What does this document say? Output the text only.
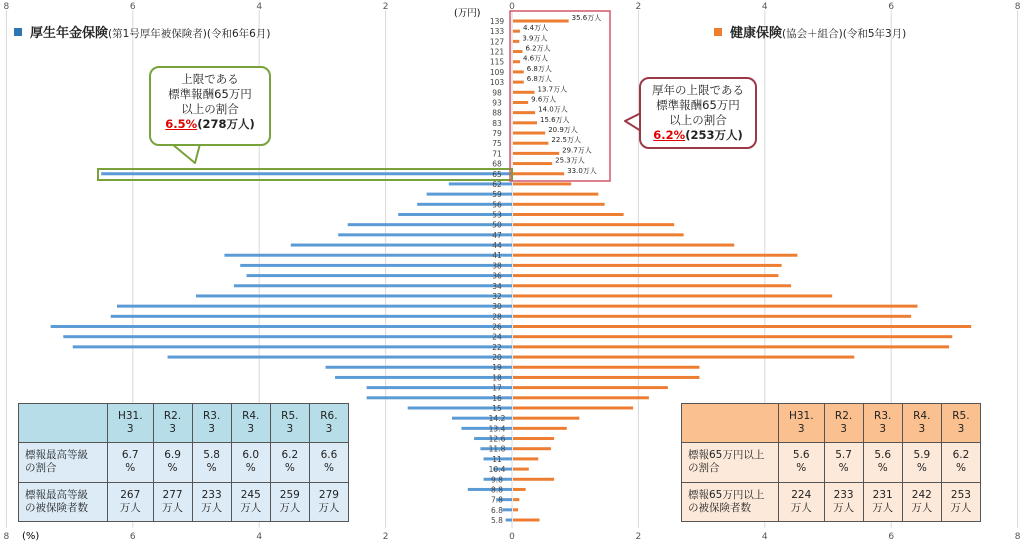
8	6	4	2	0	2	4	6	8
8	6	4	2	0	2	4	6	8
(%)
(万円)
139
133
127
121
115
109
103
98
93
88
83
79
75
71
68
65
62
59
56
53
50
47
44
41
38
36
34
32
30
28
26
24
22
20
19
18
17
16
15
14.2
13.4
12.6
11.8
11
10.4
9.8
8.8
7.8
6.8
5.8
35.6万人
4.4万人
3.9万人
6.2万人
4.6万人
6.8万人
6.8万人
13.7万人
9.6万人
14.0万人
15.6万人
20.9万人
22.5万人
29.7万人
25.3万人
33.0万人
厚生年金保険(第1号厚年被保険者)(令和6年6月)	健康保険(協会＋組合)(令和5年3月)
上限である
標準報酬65万円
以上の割合
6.5%(278万人)
厚年の上限である
標準報酬65万円
以上の割合
6.2%(253万人)
	H31.
3	R2.
3	R3.
3	R4.
3	R5.
3	R6.
3
標報最高等級
の割合	6.7
%	6.9
%	5.8
%	6.0
%	6.2
%	6.6
%
標報最高等級
の被保険者数	267
万人	277
万人	233
万人	245
万人	259
万人	279
万人
	H31.
3	R2.
3	R3.
3	R4.
3	R5.
3
標報65万円以上
の割合	5.6
%	5.7
%	5.6
%	5.9
%	6.2
%
標報65万円以上
の被保険者数	224
万人	233
万人	231
万人	242
万人	253
万人
